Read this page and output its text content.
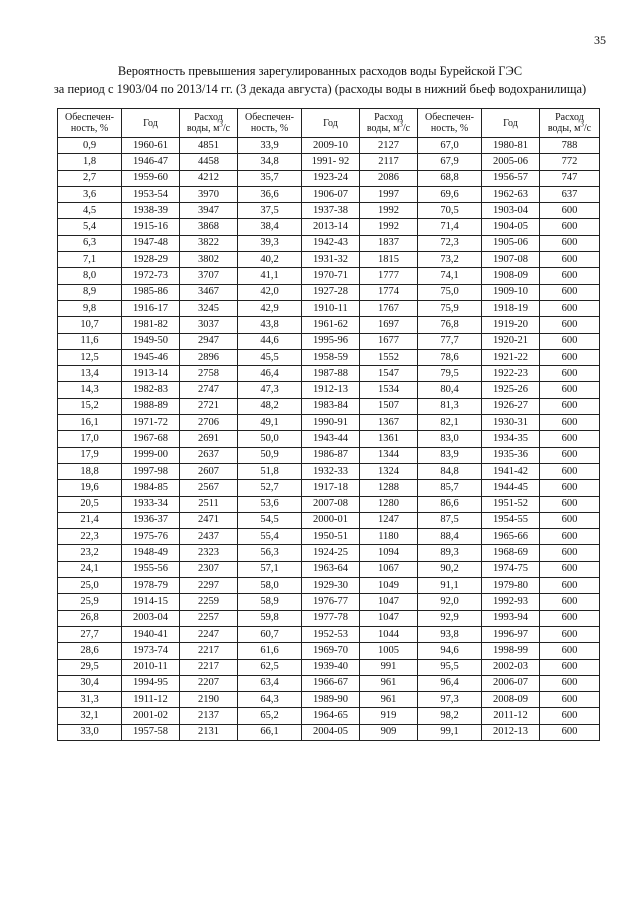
35
Вероятность превышения зарегулированных расходов воды Бурейской ГЭС
за период с 1903/04 по 2013/14 гг. (3 декада августа) (расходы воды в нижний бьеф водохранилища)
Обеспечен-
ность, %	Год	Расход
воды, $м^3/с$	Обеспечен-
ность, %	Год	Расход
воды, $м^3/с$	Обеспечен-
ность, %	Год	Расход
воды, $м^3/с$
0,9	1960-61	4851	33,9	2009-10	2127	67,0	1980-81	788
1,8	1946-47	4458	34,8	1991- 92	2117	67,9	2005-06	772
2,7	1959-60	4212	35,7	1923-24	2086	68,8	1956-57	747
3,6	1953-54	3970	36,6	1906-07	1997	69,6	1962-63	637
4,5	1938-39	3947	37,5	1937-38	1992	70,5	1903-04	600
5,4	1915-16	3868	38,4	2013-14	1992	71,4	1904-05	600
6,3	1947-48	3822	39,3	1942-43	1837	72,3	1905-06	600
7,1	1928-29	3802	40,2	1931-32	1815	73,2	1907-08	600
8,0	1972-73	3707	41,1	1970-71	1777	74,1	1908-09	600
8,9	1985-86	3467	42,0	1927-28	1774	75,0	1909-10	600
9,8	1916-17	3245	42,9	1910-11	1767	75,9	1918-19	600
10,7	1981-82	3037	43,8	1961-62	1697	76,8	1919-20	600
11,6	1949-50	2947	44,6	1995-96	1677	77,7	1920-21	600
12,5	1945-46	2896	45,5	1958-59	1552	78,6	1921-22	600
13,4	1913-14	2758	46,4	1987-88	1547	79,5	1922-23	600
14,3	1982-83	2747	47,3	1912-13	1534	80,4	1925-26	600
15,2	1988-89	2721	48,2	1983-84	1507	81,3	1926-27	600
16,1	1971-72	2706	49,1	1990-91	1367	82,1	1930-31	600
17,0	1967-68	2691	50,0	1943-44	1361	83,0	1934-35	600
17,9	1999-00	2637	50,9	1986-87	1344	83,9	1935-36	600
18,8	1997-98	2607	51,8	1932-33	1324	84,8	1941-42	600
19,6	1984-85	2567	52,7	1917-18	1288	85,7	1944-45	600
20,5	1933-34	2511	53,6	2007-08	1280	86,6	1951-52	600
21,4	1936-37	2471	54,5	2000-01	1247	87,5	1954-55	600
22,3	1975-76	2437	55,4	1950-51	1180	88,4	1965-66	600
23,2	1948-49	2323	56,3	1924-25	1094	89,3	1968-69	600
24,1	1955-56	2307	57,1	1963-64	1067	90,2	1974-75	600
25,0	1978-79	2297	58,0	1929-30	1049	91,1	1979-80	600
25,9	1914-15	2259	58,9	1976-77	1047	92,0	1992-93	600
26,8	2003-04	2257	59,8	1977-78	1047	92,9	1993-94	600
27,7	1940-41	2247	60,7	1952-53	1044	93,8	1996-97	600
28,6	1973-74	2217	61,6	1969-70	1005	94,6	1998-99	600
29,5	2010-11	2217	62,5	1939-40	991	95,5	2002-03	600
30,4	1994-95	2207	63,4	1966-67	961	96,4	2006-07	600
31,3	1911-12	2190	64,3	1989-90	961	97,3	2008-09	600
32,1	2001-02	2137	65,2	1964-65	919	98,2	2011-12	600
33,0	1957-58	2131	66,1	2004-05	909	99,1	2012-13	600
